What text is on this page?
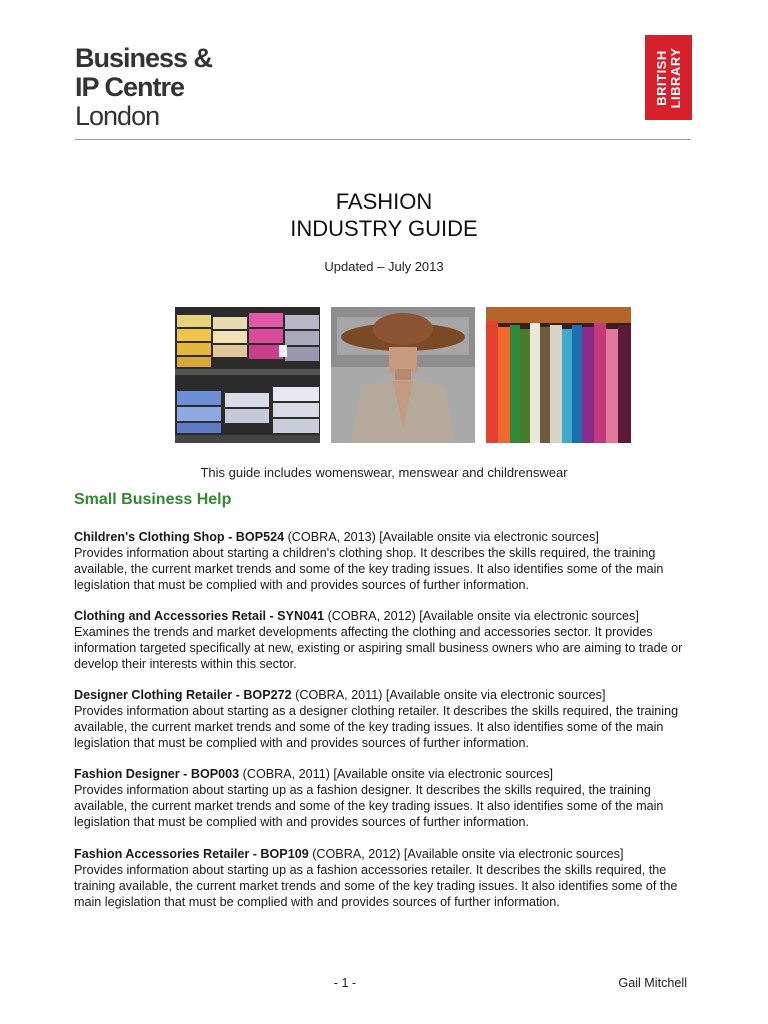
Business &
IP Centre
London
BRITISH LIBRARY
FASHION
INDUSTRY GUIDE
Updated – July 2013
This guide includes womenswear, menswear and childrenswear
Small Business Help
Children's Clothing Shop - BOP524 (COBRA, 2013) [Available onsite via electronic sources]
Provides information about starting a children's clothing shop. It describes the skills required, the training available, the current market trends and some of the key trading issues. It also identifies some of the main legislation that must be complied with and provides sources of further information.
Clothing and Accessories Retail - SYN041 (COBRA, 2012) [Available onsite via electronic sources]
Examines the trends and market developments affecting the clothing and accessories sector. It provides information targeted specifically at new, existing or aspiring small business owners who are aiming to trade or develop their interests within this sector.
Designer Clothing Retailer - BOP272 (COBRA, 2011) [Available onsite via electronic sources]
Provides information about starting as a designer clothing retailer. It describes the skills required, the training available, the current market trends and some of the key trading issues. It also identifies some of the main legislation that must be complied with and provides sources of further information.
Fashion Designer - BOP003 (COBRA, 2011) [Available onsite via electronic sources]
Provides information about starting up as a fashion designer. It describes the skills required, the training available, the current market trends and some of the key trading issues. It also identifies some of the main legislation that must be complied with and provides sources of further information.
Fashion Accessories Retailer - BOP109 (COBRA, 2012) [Available onsite via electronic sources]
Provides information about starting up as a fashion accessories retailer. It describes the skills required, the training available, the current market trends and some of the key trading issues. It also identifies some of the main legislation that must be complied with and provides sources of further information.
- 1 -	Gail Mitchell
